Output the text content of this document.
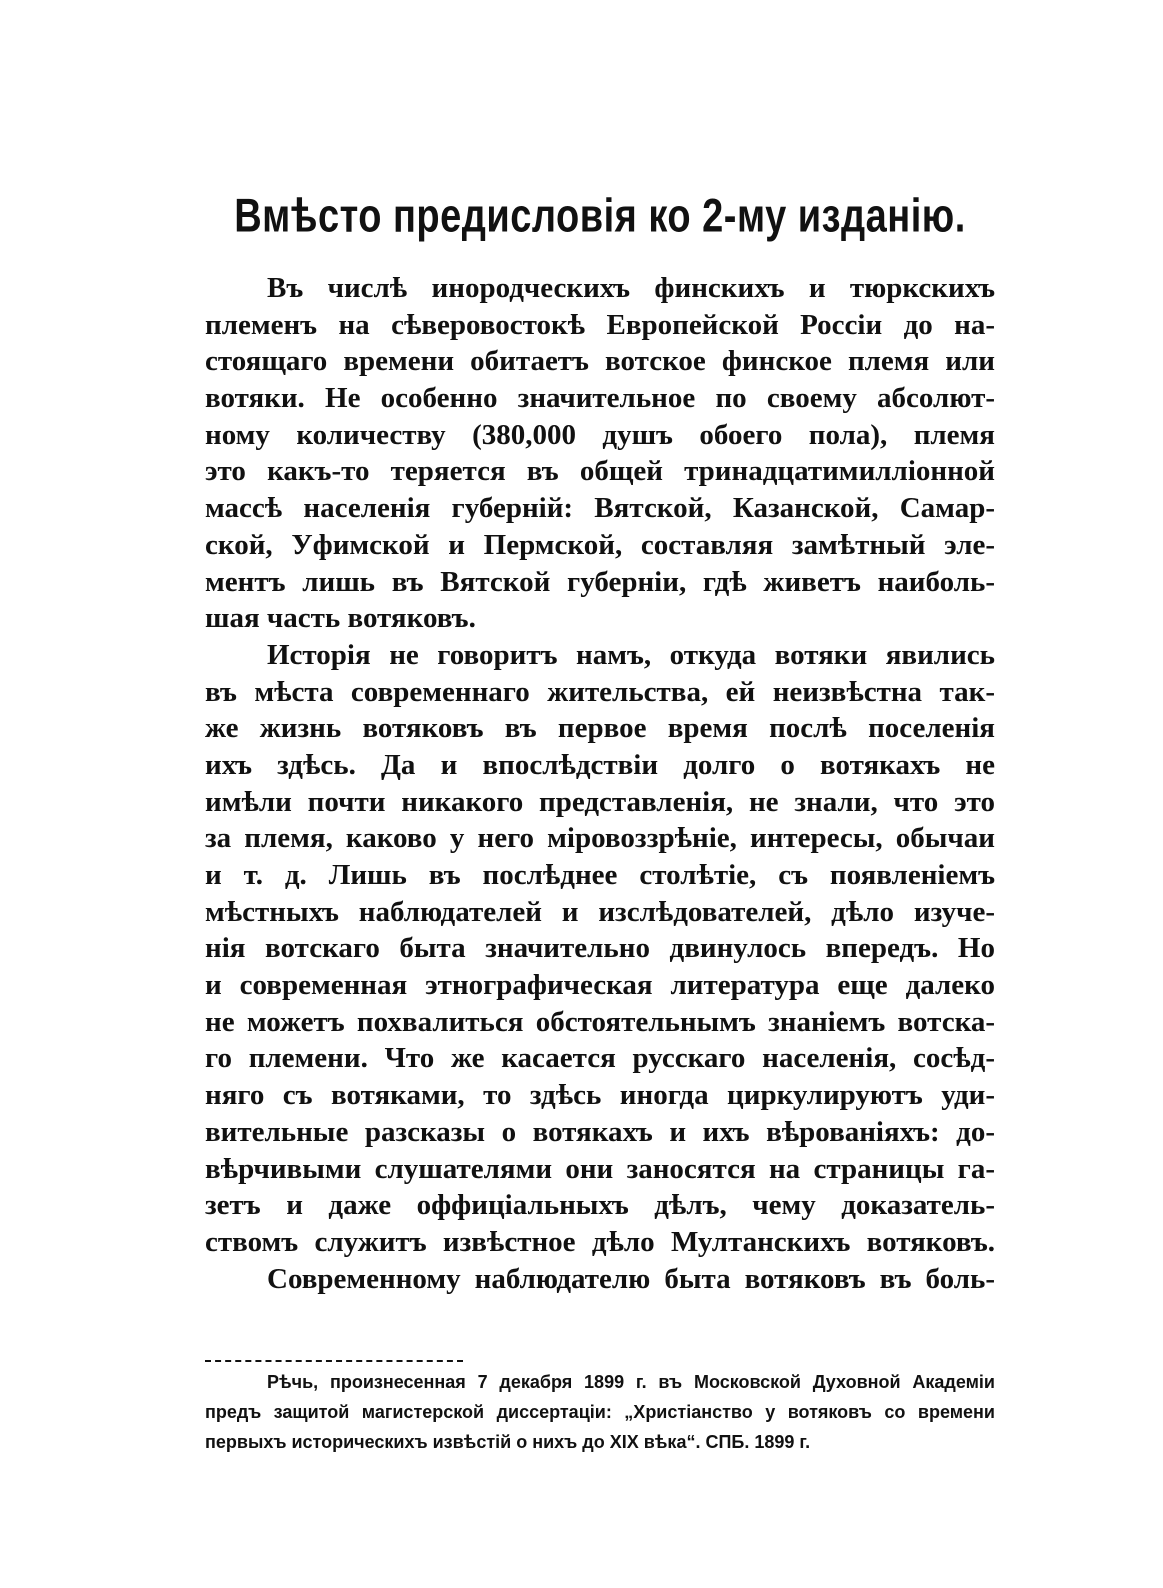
Вмѣсто предисловія ко 2-му изданію.
Въ числѣ инородческихъ финскихъ и тюркскихъ
племенъ на сѣверовостокѣ Европейской Россіи до на-
стоящаго времени обитаетъ вотское финское племя или
вотяки. Не особенно значительное по своему абсолют-
ному количеству (380,000 душъ обоего пола), племя
это какъ-то теряется въ общей тринадцатимилліонной
массѣ населенія губерній: Вятской, Казанской, Самар-
ской, Уфимской и Пермской, составляя замѣтный эле-
ментъ лишь въ Вятской губерніи, гдѣ живетъ наиболь-
шая часть вотяковъ.
Исторія не говоритъ намъ, откуда вотяки явились
въ мѣста современнаго жительства, ей неизвѣстна так-
же жизнь вотяковъ въ первое время послѣ поселенія
ихъ здѣсь. Да и впослѣдствіи долго о вотякахъ не
имѣли почти никакого представленія, не знали, что это
за племя, каково у него міровоззрѣніе, интересы, обычаи
и т. д. Лишь въ послѣднее столѣтіе, съ появленіемъ
мѣстныхъ наблюдателей и изслѣдователей, дѣло изуче-
нія вотскаго быта значительно двинулось впередъ. Но
и современная этнографическая литература еще далеко
не можетъ похвалиться обстоятельнымъ знаніемъ вотска-
го племени. Что же касается русскаго населенія, сосѣд-
няго съ вотяками, то здѣсь иногда циркулируютъ уди-
вительные разсказы о вотякахъ и ихъ вѣрованіяхъ: до-
вѣрчивыми слушателями они заносятся на страницы га-
зетъ и даже оффиціальныхъ дѣлъ, чему доказатель-
ствомъ служитъ извѣстное дѣло Мултанскихъ вотяковъ.
Современному наблюдателю быта вотяковъ въ боль-
Рѣчь, произнесенная 7 декабря 1899 г. въ Московской Духовной Академіи
предъ защитой магистерской диссертаціи: „Христіанство у вотяковъ со времени
первыхъ историческихъ извѣстій о нихъ до XIX вѣка“. СПБ. 1899 г.
